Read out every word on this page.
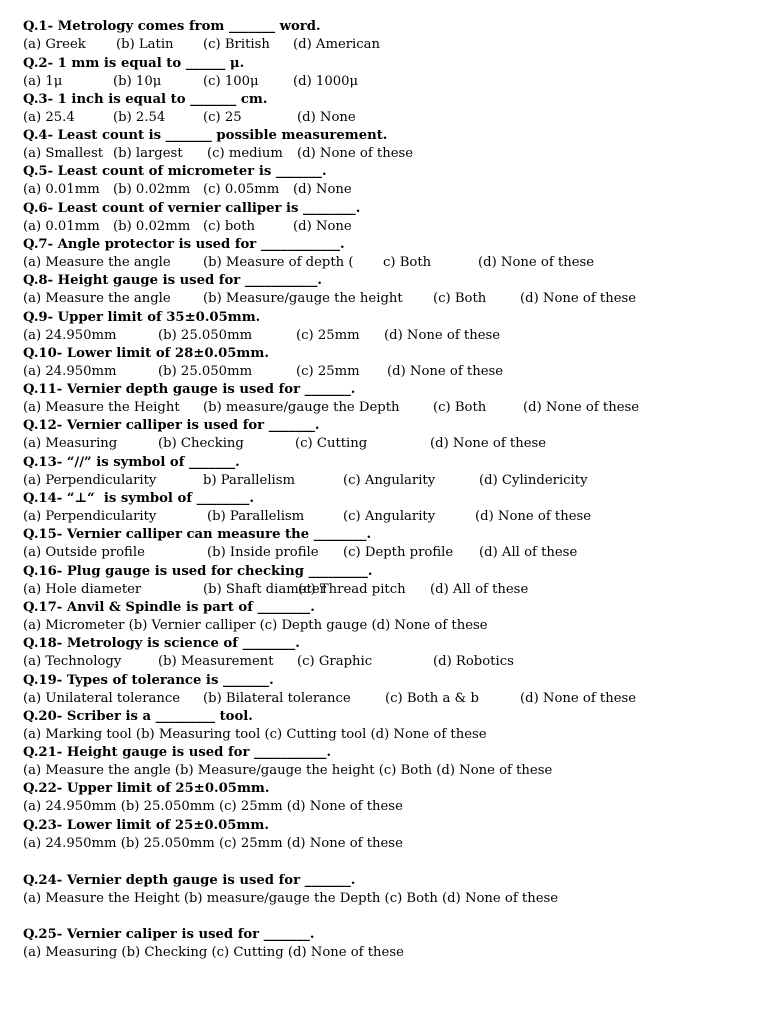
Q.1- Metrology comes from _______ word.
(a) Greek (b) Latin (c) British (d) American
Q.2- 1 mm is equal to ______ μ.
(a) 1μ	(b) 10μ	(c) 100μ	(d) 1000μ
Q.3- 1 inch is equal to _______ cm.
(a) 25.4	(b) 2.54	(c) 25	(d) None
Q.4- Least count is _______ possible measurement.
(a) Smallest (b) largest (c) medium (d) None of these
Q.5- Least count of micrometer is _______.
(a) 0.01mm (b) 0.02mm (c) 0.05mm (d) None
Q.6- Least count of vernier calliper is ________.
(a) 0.01mm (b) 0.02mm (c) both	(d) None
Q.7- Angle protector is used for ____________.
(a) Measure the angle (b) Measure of depth ( c) Both	(d) None of these
Q.8- Height gauge is used for ___________.
(a) Measure the angle (b) Measure/gauge the height (c) Both	(d) None of these
Q.9- Upper limit of 35±0.05mm.
(a) 24.950mm	(b) 25.050mm	(c) 25mm (d) None of these
Q.10- Lower limit of 28±0.05mm.
(a) 24.950mm	(b) 25.050mm	(c) 25mm (d) None of these
Q.11- Vernier depth gauge is used for _______.
(a) Measure the Height (b) measure/gauge the Depth	(c) Both	(d) None of these
Q.12- Vernier calliper is used for _______.
(a) Measuring	(b) Checking	(c) Cutting	(d) None of these
Q.13- “//” is symbol of _______.
(a) Perpendicularity	b) Parallelism	(c) Angularity	(d) Cylindericity
Q.14- “⊥“  is symbol of ________.
(a) Perpendicularity	(b) Parallelism	(c) Angularity	(d) None of these
Q.15- Vernier calliper can measure the ________.
(a) Outside profile	(b) Inside profile (c) Depth profile (d) All of these
Q.16- Plug gauge is used for checking _________.
(a) Hole diameter	(b) Shaft diameter
(c) Thread pitch (d) All of these
Q.17- Anvil & Spindle is part of ________.
(a) Micrometer (b) Vernier calliper (c) Depth gauge (d) None of these
Q.18- Metrology is science of ________.
(a) Technology	(b) Measurement (c) Graphic	(d) Robotics
Q.19- Types of tolerance is _______.
(a) Unilateral tolerance (b) Bilateral tolerance	(c) Both a & b	(d) None of these
Q.20- Scriber is a _________ tool.
(a) Marking tool (b) Measuring tool (c) Cutting tool (d) None of these
Q.21- Height gauge is used for ___________.
(a) Measure the angle (b) Measure/gauge the height (c) Both (d) None of these
Q.22- Upper limit of 25±0.05mm.
(a) 24.950mm (b) 25.050mm (c) 25mm (d) None of these
Q.23- Lower limit of 25±0.05mm.
(a) 24.950mm (b) 25.050mm (c) 25mm (d) None of these
Q.24- Vernier depth gauge is used for _______.
(a) Measure the Height (b) measure/gauge the Depth (c) Both (d) None of these
Q.25- Vernier caliper is used for _______.
(a) Measuring (b) Checking (c) Cutting (d) None of these
